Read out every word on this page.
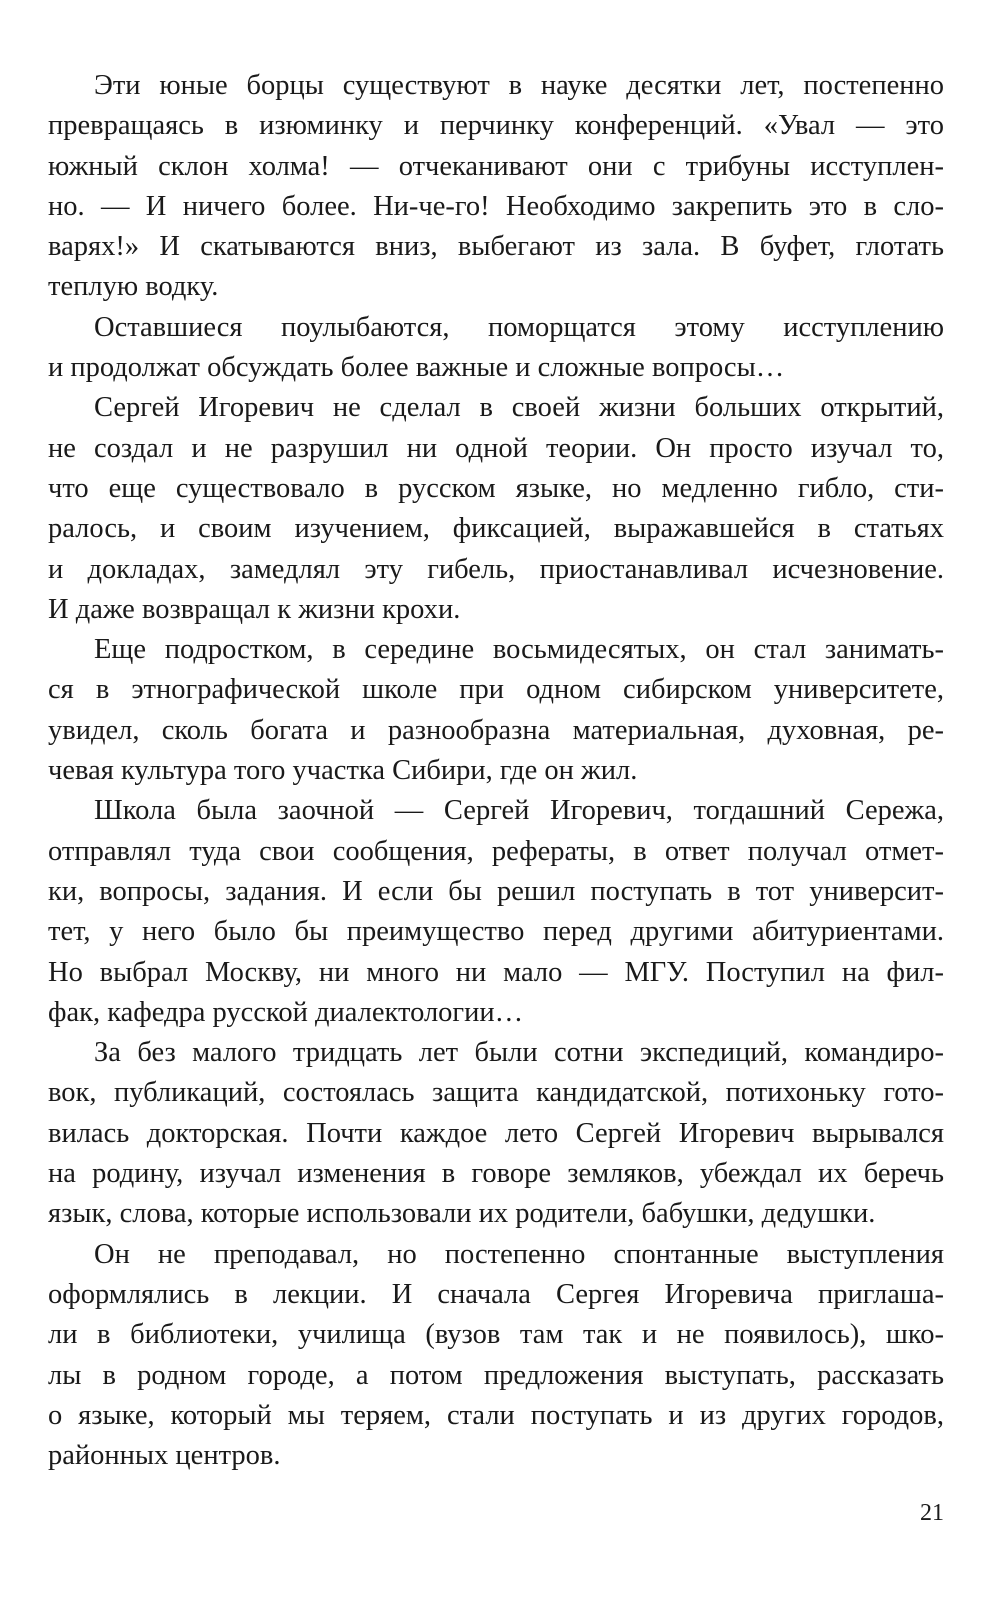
Эти юные борцы существуют в науке десятки лет, постепенно
превращаясь в изюминку и перчинку конференций. «Увал — это
южный склон холма! — отчеканивают они с трибуны исступлен-
но. — И ничего более. Ни-че-го! Необходимо закрепить это в сло-
варях!» И скатываются вниз, выбегают из зала. В буфет, глотать
теплую водку.
Оставшиеся поулыбаются, поморщатся этому исступлению
и продолжат обсуждать более важные и сложные вопросы…
Сергей Игоревич не сделал в своей жизни больших открытий,
не создал и не разрушил ни одной теории. Он просто изучал то,
что еще существовало в русском языке, но медленно гибло, сти-
ралось, и своим изучением, фиксацией, выражавшейся в статьях
и докладах, замедлял эту гибель, приостанавливал исчезновение.
И даже возвращал к жизни крохи.
Еще подростком, в середине восьмидесятых, он стал занимать-
ся в этнографической школе при одном сибирском университете,
увидел, сколь богата и разнообразна материальная, духовная, ре-
чевая культура того участка Сибири, где он жил.
Школа была заочной — Сергей Игоревич, тогдашний Сережа,
отправлял туда свои сообщения, рефераты, в ответ получал отмет-
ки, вопросы, задания. И если бы решил поступать в тот университ-
тет, у него было бы преимущество перед другими абитуриентами.
Но выбрал Москву, ни много ни мало — МГУ. Поступил на фил-
фак, кафедра русской диалектологии…
За без малого тридцать лет были сотни экспедиций, командиро-
вок, публикаций, состоялась защита кандидатской, потихоньку гото-
вилась докторская. Почти каждое лето Сергей Игоревич вырывался
на родину, изучал изменения в говоре земляков, убеждал их беречь
язык, слова, которые использовали их родители, бабушки, дедушки.
Он не преподавал, но постепенно спонтанные выступления
оформлялись в лекции. И сначала Сергея Игоревича приглаша-
ли в библиотеки, училища (вузов там так и не появилось), шко-
лы в родном городе, а потом предложения выступать, рассказать
о языке, который мы теряем, стали поступать и из других городов,
районных центров.
21
